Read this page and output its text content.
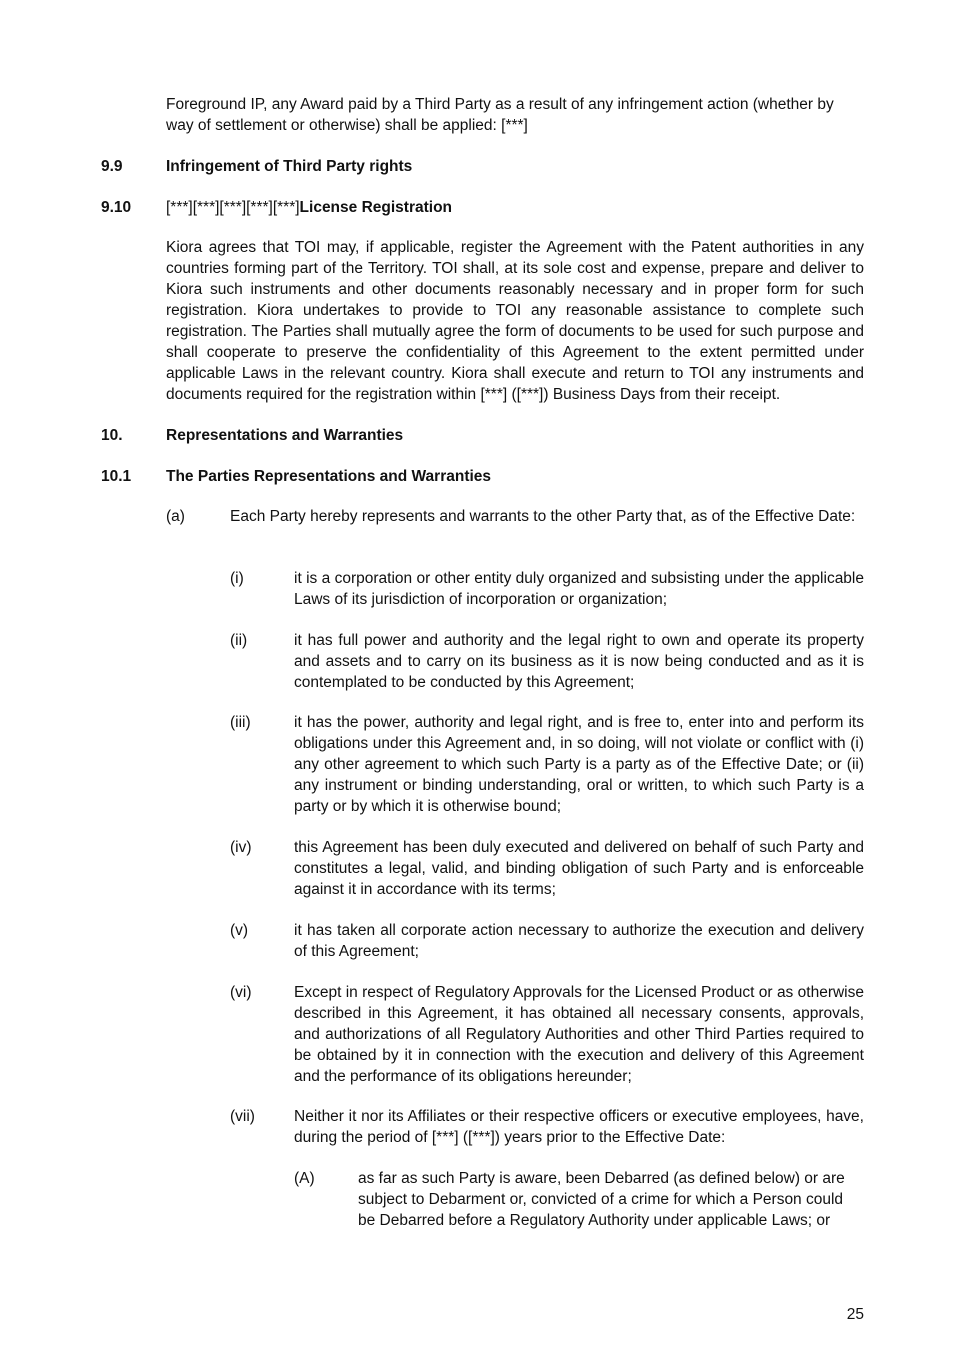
Foreground IP, any Award paid by a Third Party as a result of any infringement action (whether by way of settlement or otherwise) shall be applied: [***]
9.9	Infringement of Third Party rights
9.10 [***][***][***][***][***]License Registration
Kiora agrees that TOI may, if applicable, register the Agreement with the Patent authorities in any countries forming part of the Territory. TOI shall, at its sole cost and expense, prepare and deliver to Kiora such instruments and other documents reasonably necessary and in proper form for such registration. Kiora undertakes to provide to TOI any reasonable assistance to complete such registration. The Parties shall mutually agree the form of documents to be used for such purpose and shall cooperate to preserve the confidentiality of this Agreement to the extent permitted under applicable Laws in the relevant country. Kiora shall execute and return to TOI any instruments and documents required for the registration within [***] ([***]) Business Days from their receipt.
10.	Representations and Warranties
10.1 The Parties Representations and Warranties
(a)	Each Party hereby represents and warrants to the other Party that, as of the Effective Date:
(i)	it is a corporation or other entity duly organized and subsisting under the applicable Laws of its jurisdiction of incorporation or organization;
(ii)	it has full power and authority and the legal right to own and operate its property and assets and to carry on its business as it is now being conducted and as it is contemplated to be conducted by this Agreement;
(iii)	it has the power, authority and legal right, and is free to, enter into and perform its obligations under this Agreement and, in so doing, will not violate or conflict with (i) any other agreement to which such Party is a party as of the Effective Date; or (ii) any instrument or binding understanding, oral or written, to which such Party is a party or by which it is otherwise bound;
(iv)	this Agreement has been duly executed and delivered on behalf of such Party and constitutes a legal, valid, and binding obligation of such Party and is enforceable against it in accordance with its terms;
(v)	it has taken all corporate action necessary to authorize the execution and delivery of this Agreement;
(vi)	Except in respect of Regulatory Approvals for the Licensed Product or as otherwise described in this Agreement, it has obtained all necessary consents, approvals, and authorizations of all Regulatory Authorities and other Third Parties required to be obtained by it in connection with the execution and delivery of this Agreement and the performance of its obligations hereunder;
(vii)	Neither it nor its Affiliates or their respective officers or executive employees, have, during the period of [***] ([***]) years prior to the Effective Date:
(A)	as far as such Party is aware, been Debarred (as defined below) or are subject to Debarment or, convicted of a crime for which a Person could be Debarred before a Regulatory Authority under applicable Laws; or
25
